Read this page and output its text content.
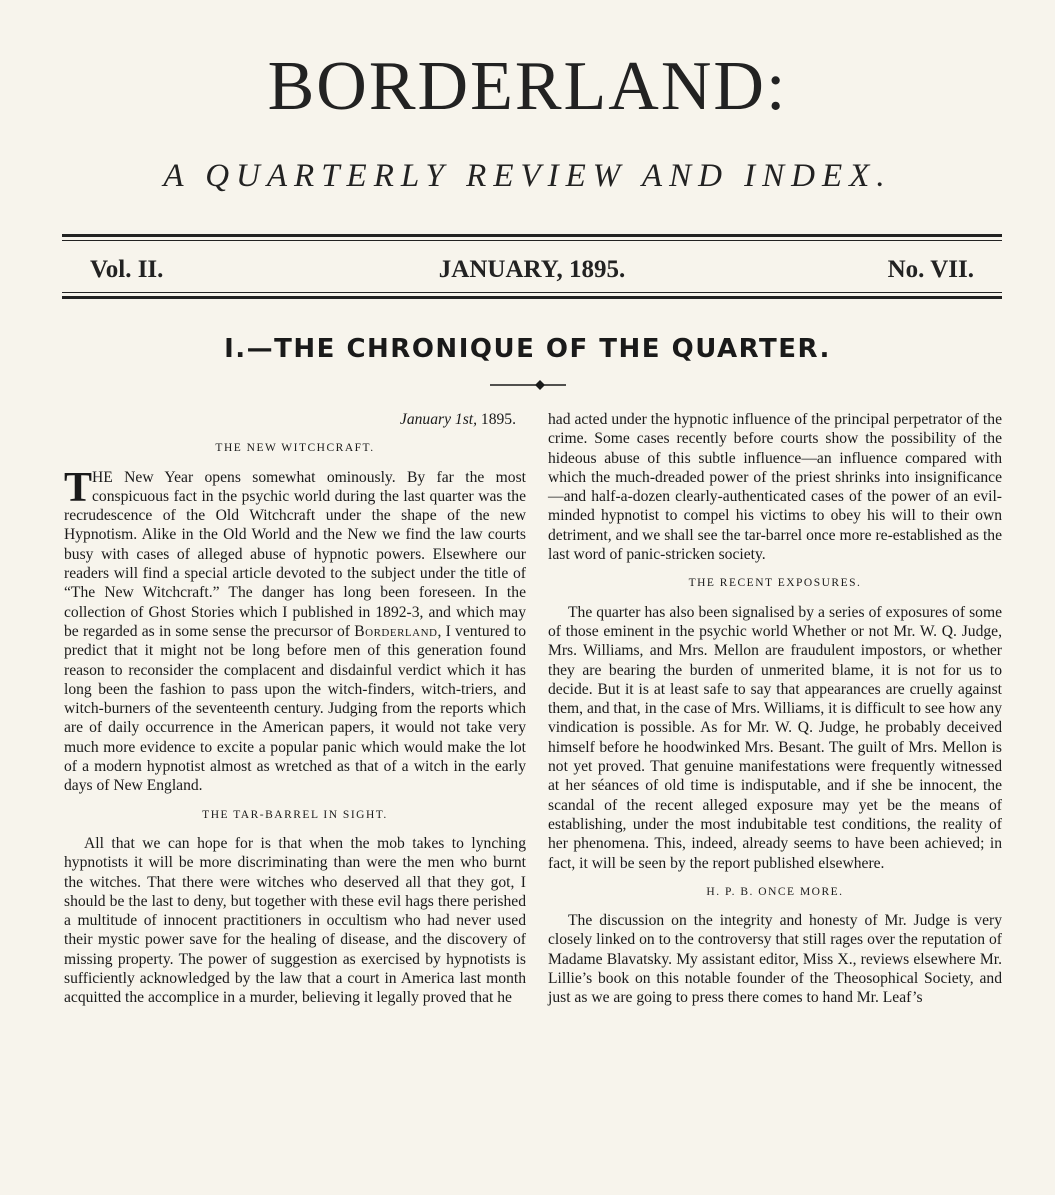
BORDERLAND:
A QUARTERLY REVIEW AND INDEX.
Vol. II.	JANUARY, 1895.	No. VII.
I.—THE CHRONIQUE OF THE QUARTER.
January 1st, 1895.
THE NEW WITCHCRAFT.
T HE New Year opens somewhat ominously. By far the most conspicuous fact in the psychic world during the last quarter was the recrudescence of the Old Witchcraft under the shape of the new Hypnotism. Alike in the Old World and the New we find the law courts busy with cases of alleged abuse of hypnotic powers. Elsewhere our readers will find a special article devoted to the subject under the title of “The New Witchcraft.” The danger has long been foreseen. In the collection of Ghost Stories which I published in 1892-3, and which may be regarded as in some sense the precursor of Borderland, I ventured to predict that it might not be long before men of this generation found reason to reconsider the complacent and disdainful verdict which it has long been the fashion to pass upon the witch-finders, witch-triers, and witch-burners of the seventeenth century. Judging from the reports which are of daily occurrence in the American papers, it would not take very much more evidence to excite a popular panic which would make the lot of a modern hypnotist almost as wretched as that of a witch in the early days of New England.

THE TAR-BARREL IN SIGHT.

All that we can hope for is that when the mob takes to lynching hypnotists it will be more discriminating than were the men who burnt the witches. That there were witches who deserved all that they got, I should be the last to deny, but together with these evil hags there perished a multitude of innocent practitioners in occultism who had never used their mystic power save for the healing of disease, and the discovery of missing property. The power of suggestion as exercised by hypnotists is sufficiently acknowledged by the law that a court in America last month acquitted the accomplice in a murder, believing it legally proved that he

had acted under the hypnotic influence of the principal perpetrator of the crime. Some cases recently before courts show the possibility of the hideous abuse of this subtle influence—an influence compared with which the much-dreaded power of the priest shrinks into insignificance—and half-a-dozen clearly-authenticated cases of the power of an evil-minded hypnotist to compel his victims to obey his will to their own detriment, and we shall see the tar-barrel once more re-established as the last word of panic-stricken society.

THE RECENT EXPOSURES.

The quarter has also been signalised by a series of exposures of some of those eminent in the psychic world Whether or not Mr. W. Q. Judge, Mrs. Williams, and Mrs. Mellon are fraudulent impostors, or whether they are bearing the burden of unmerited blame, it is not for us to decide. But it is at least safe to say that appearances are cruelly against them, and that, in the case of Mrs. Williams, it is difficult to see how any vindication is possible. As for Mr. W. Q. Judge, he probably deceived himself before he hoodwinked Mrs. Besant. The guilt of Mrs. Mellon is not yet proved. That genuine manifestations were frequently witnessed at her séances of old time is indisputable, and if she be innocent, the scandal of the recent alleged exposure may yet be the means of establishing, under the most indubitable test conditions, the reality of her phenomena. This, indeed, already seems to have been achieved; in fact, it will be seen by the report published elsewhere.

H. P. B. ONCE MORE.

The discussion on the integrity and honesty of Mr. Judge is very closely linked on to the controversy that still rages over the reputation of Madame Blavatsky. My assistant editor, Miss X., reviews elsewhere Mr. Lillie’s book on this notable founder of the Theosophical Society, and just as we are going to press there comes to hand Mr. Leaf’s
